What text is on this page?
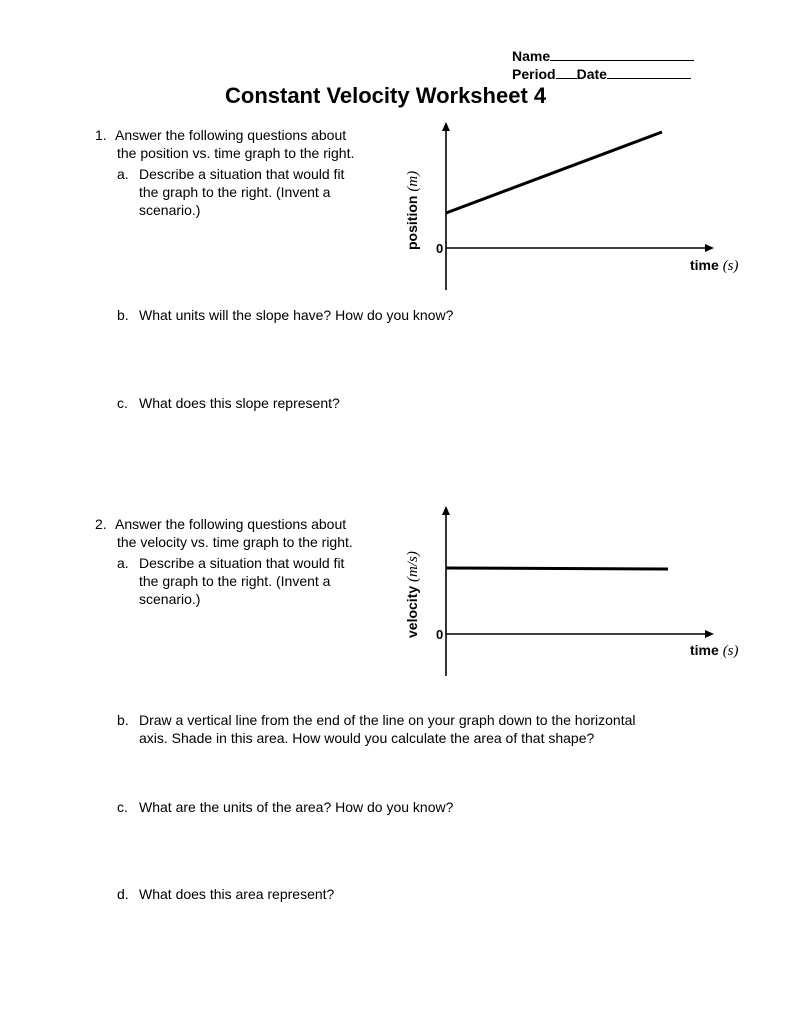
Name
Period Date
Constant Velocity Worksheet 4
1. Answer the following questions about
the position vs. time graph to the right.
a. Describe a situation that would fit
the graph to the right. (Invent a
scenario.)
b. What units will the slope have? How do you know?
c. What does this slope represent?
0
position (m)
time (s)
2. Answer the following questions about
the velocity vs. time graph to the right.
a. Describe a situation that would fit
the graph to the right. (Invent a
scenario.)
b. Draw a vertical line from the end of the line on your graph down to the horizontal
axis. Shade in this area. How would you calculate the area of that shape?
c. What are the units of the area? How do you know?
d. What does this area represent?
0
velocity (m/s)
time (s)
